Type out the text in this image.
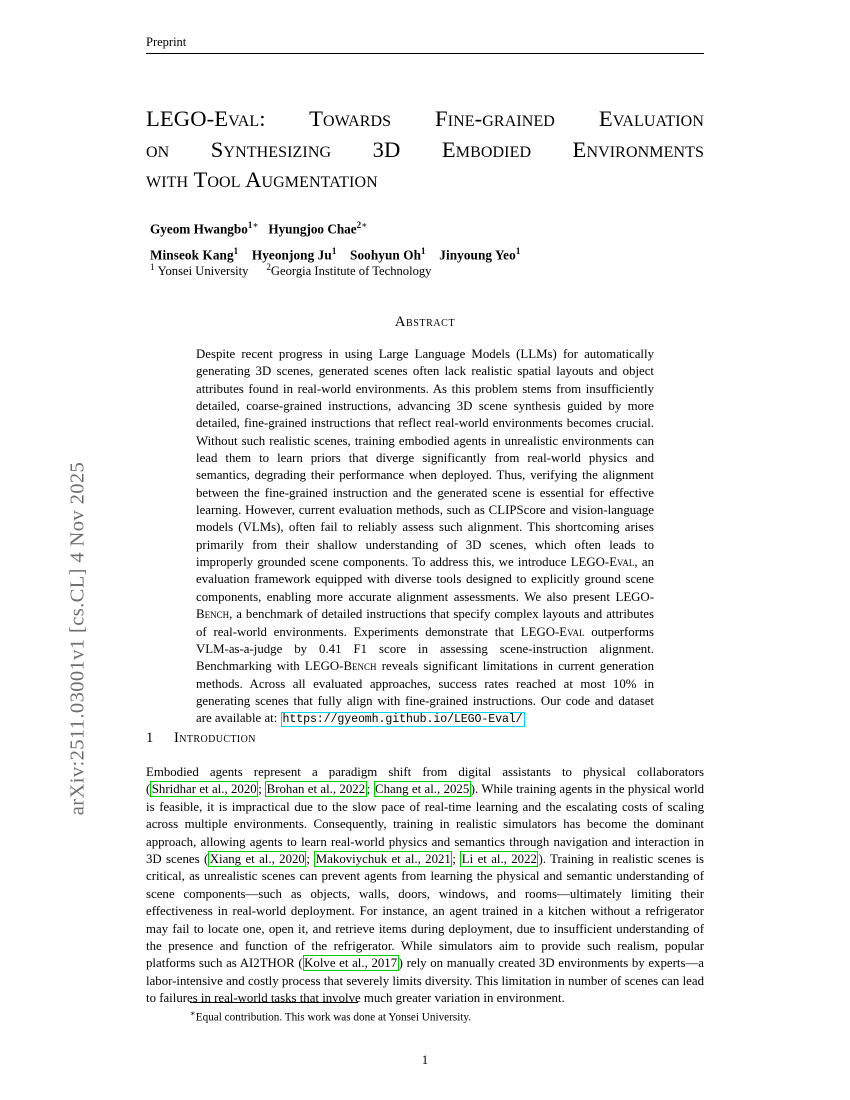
arXiv:2511.03001v1 [cs.CL] 4 Nov 2025
Preprint
LEGO-Eval: Towards Fine-grained Evaluation
on Synthesizing 3D Embodied Environments
with Tool Augmentation
Gyeom Hwangbo$^{1∗}$ Hyungjoo Chae$^{2∗}$
Minseok Kang$^1$ Hyeonjong Ju$^1$ Soohyun Oh$^1$ Jinyoung Yeo$^1$
$^1$ Yonsei University $^2$Georgia Institute of Technology
Abstract
Despite recent progress in using Large Language Models (LLMs) for automatically generating 3D scenes, generated scenes often lack realistic spatial layouts and object attributes found in real-world environments. As this problem stems from insufficiently detailed, coarse-grained instructions, advancing 3D scene synthesis guided by more detailed, fine-grained instructions that reflect real-world environments becomes crucial. Without such realistic scenes, training embodied agents in unrealistic environments can lead them to learn priors that diverge significantly from real-world physics and semantics, degrading their performance when deployed. Thus, verifying the alignment between the fine-grained instruction and the generated scene is essential for effective learning. However, current evaluation methods, such as CLIPScore and vision-language models (VLMs), often fail to reliably assess such alignment. This shortcoming arises primarily from their shallow understanding of 3D scenes, which often leads to improperly grounded scene components. To address this, we introduce LEGO-Eval, an evaluation framework equipped with diverse tools designed to explicitly ground scene components, enabling more accurate alignment assessments. We also present LEGO-Bench, a benchmark of detailed instructions that specify complex layouts and attributes of real-world environments. Experiments demonstrate that LEGO-Eval outperforms VLM-as-a-judge by 0.41 F1 score in assessing scene-instruction alignment. Benchmarking with LEGO-Bench reveals significant limitations in current generation methods. Across all evaluated approaches, success rates reached at most 10% in generating scenes that fully align with fine-grained instructions. Our code and dataset are available at: https://gyeomh.github.io/LEGO-Eval/
1 Introduction
Embodied agents represent a paradigm shift from digital assistants to physical collaborators ( Shridhar et al., 2020 ; Brohan et al., 2022 ; Chang et al., 2025 ). While training agents in the physical world is feasible, it is impractical due to the slow pace of real-time learning and the escalating costs of scaling across multiple environments. Consequently, training in realistic simulators has become the dominant approach, allowing agents to learn real-world physics and semantics through navigation and interaction in 3D scenes ( Xiang et al., 2020 ; Makoviychuk et al., 2021 ; Li et al., 2022 ). Training in realistic scenes is critical, as unrealistic scenes can prevent agents from learning the physical and semantic understanding of scene components—such as objects, walls, doors, windows, and rooms—ultimately limiting their effectiveness in real-world deployment. For instance, an agent trained in a kitchen without a refrigerator may fail to locate one, open it, and retrieve items during deployment, due to insufficient understanding of the presence and function of the refrigerator. While simulators aim to provide such realism, popular platforms such as AI2THOR ( Kolve et al., 2017 ) rely on manually created 3D environments by experts—a labor-intensive and costly process that severely limits diversity. This limitation in number of scenes can lead to failures in real-world tasks that involve much greater variation in environment.
∗Equal contribution. This work was done at Yonsei University.
1
